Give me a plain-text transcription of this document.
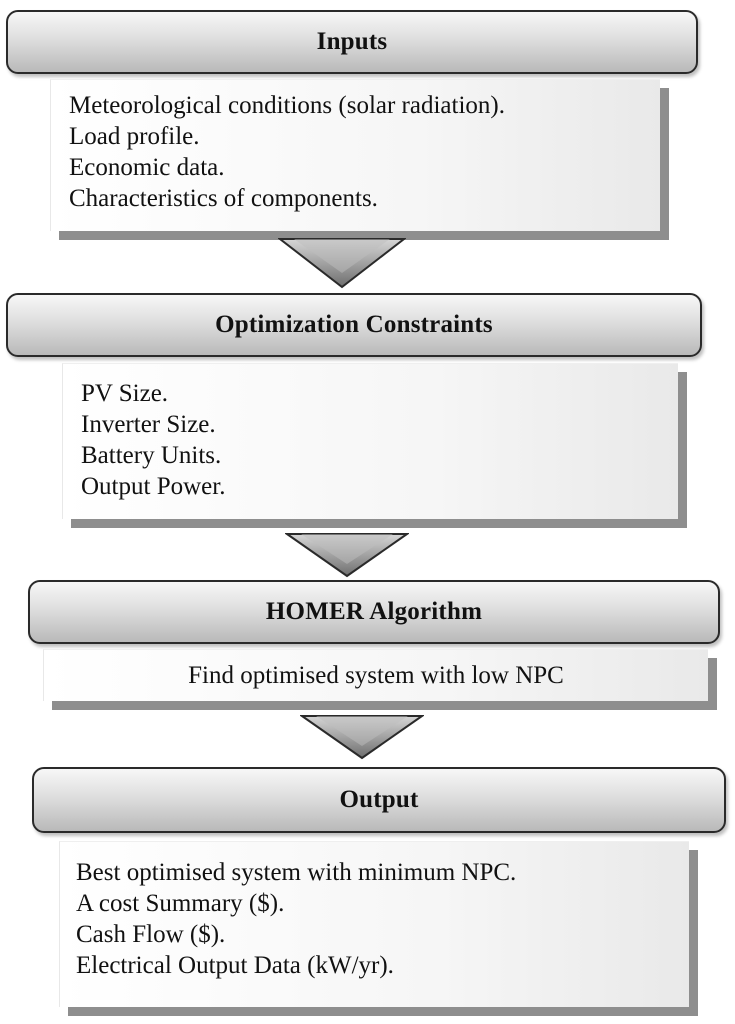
Inputs
Meteorological conditions (solar radiation).
Load profile.
Economic data.
Characteristics of components.
Optimization Constraints
PV Size.
Inverter Size.
Battery Units.
Output Power.
HOMER Algorithm
Find optimised system with low NPC
Output
Best optimised system with minimum NPC.
A cost Summary ($).
Cash Flow ($).
Electrical Output Data (kW/yr).
